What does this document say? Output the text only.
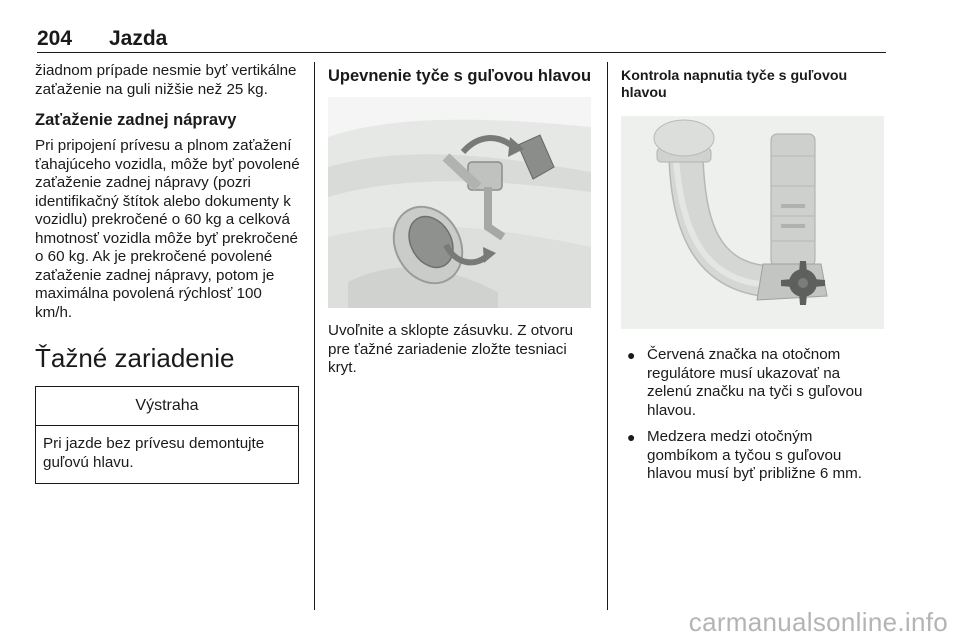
204 Jazda

žiadnom prípade nesmie byť vertikálne zaťaženie na guli nižšie než 25 kg.

Zaťaženie zadnej nápravy

Pri pripojení prívesu a plnom zaťažení ťahajúceho vozidla, môže byť povolené zaťaženie zadnej nápravy (pozri identifikačný štítok alebo dokumenty k vozidlu) prekročené o 60 kg a celková hmotnosť vozidla môže byť prekročené o 60 kg. Ak je prekročené povolené zaťaženie zadnej nápravy, potom je maximálna povolená rýchlosť 100 km/h.

Ťažné zariadenie
Výstraha

Pri jazde bez prívesu demontujte guľovú hlavu.

Upevnenie tyče s guľovou hlavou

Uvoľnite a sklopte zásuvku. Z otvoru pre ťažné zariadenie zložte tesniaci kryt.

Kontrola napnutia tyče s guľovou hlavou
● Červená značka na otočnom regulátore musí ukazovať na zelenú značku na tyči s guľovou hlavou.
● Medzera medzi otočným gombíkom a tyčou s guľovou hlavou musí byť približne 6 mm.
carmanualsonline.info
